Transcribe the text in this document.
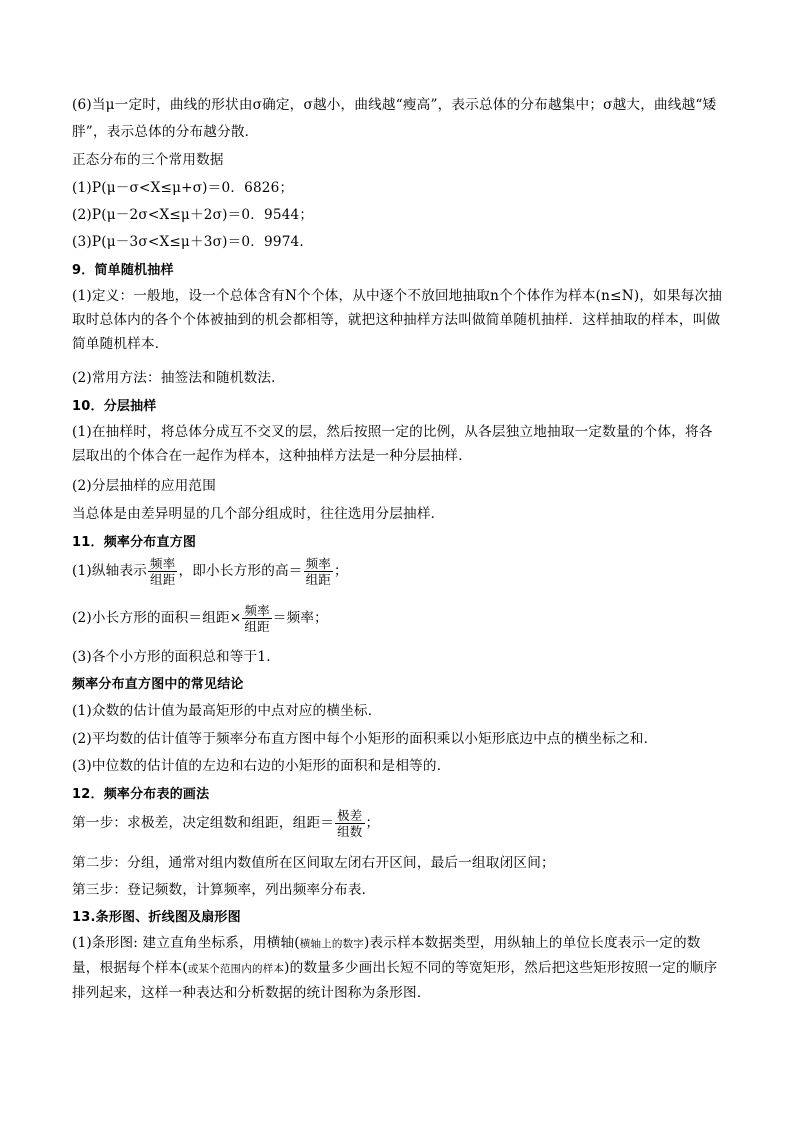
(6)当μ一定时，曲线的形状由σ确定，σ越小，曲线越“瘦高”，表示总体的分布越集中；σ越大，曲线越“矮
胖”，表示总体的分布越分散．
正态分布的三个常用数据
(1)P(μ－σ<X≤μ+σ)＝0．6826；
(2)P(μ－2σ<X≤μ＋2σ)＝0．9544；
(3)P(μ－3σ<X≤μ＋3σ)＝0．9974.
9．简单随机抽样
(1)定义：一般地，设一个总体含有N个个体，从中逐个不放回地抽取n个个体作为样本(n≤N)，如果每次抽取时总体内的各个个体被抽到的机会都相等，就把这种抽样方法叫做简单随机抽样．这样抽取的样本，叫做简单随机样本．
(2)常用方法：抽签法和随机数法．
10．分层抽样
(1)在抽样时，将总体分成互不交叉的层，然后按照一定的比例，从各层独立地抽取一定数量的个体，将各层取出的个体合在一起作为样本，这种抽样方法是一种分层抽样．
(2)分层抽样的应用范围
当总体是由差异明显的几个部分组成时，往往选用分层抽样．
11．频率分布直方图
(1)纵轴表示 $\frac{\text{频率}}{\text{组距}}$ ，即小长方形的高＝ $\frac{\text{频率}}{\text{组距}}$ ；
(2)小长方形的面积＝组距× $\frac{\text{频率}}{\text{组距}}$ ＝频率；
(3)各个小方形的面积总和等于1.
频率分布直方图中的常见结论
(1)众数的估计值为最高矩形的中点对应的横坐标．
(2)平均数的估计值等于频率分布直方图中每个小矩形的面积乘以小矩形底边中点的横坐标之和．
(3)中位数的估计值的左边和右边的小矩形的面积和是相等的．
12．频率分布表的画法
第一步：求极差，决定组数和组距，组距＝ $\frac{\text{极差}}{\text{组数}}$ ；
第二步：分组，通常对组内数值所在区间取左闭右开区间，最后一组取闭区间；
第三步：登记频数，计算频率，列出频率分布表．
13.条形图、折线图及扇形图
(1)条形图: 建立直角坐标系，用横轴(横轴上的数字)表示样本数据类型，用纵轴上的单位长度表示一定的数量，根据每个样本(或某个范围内的样本)的数量多少画出长短不同的等宽矩形，然后把这些矩形按照一定的顺序排列起来，这样一种表达和分析数据的统计图称为条形图．
